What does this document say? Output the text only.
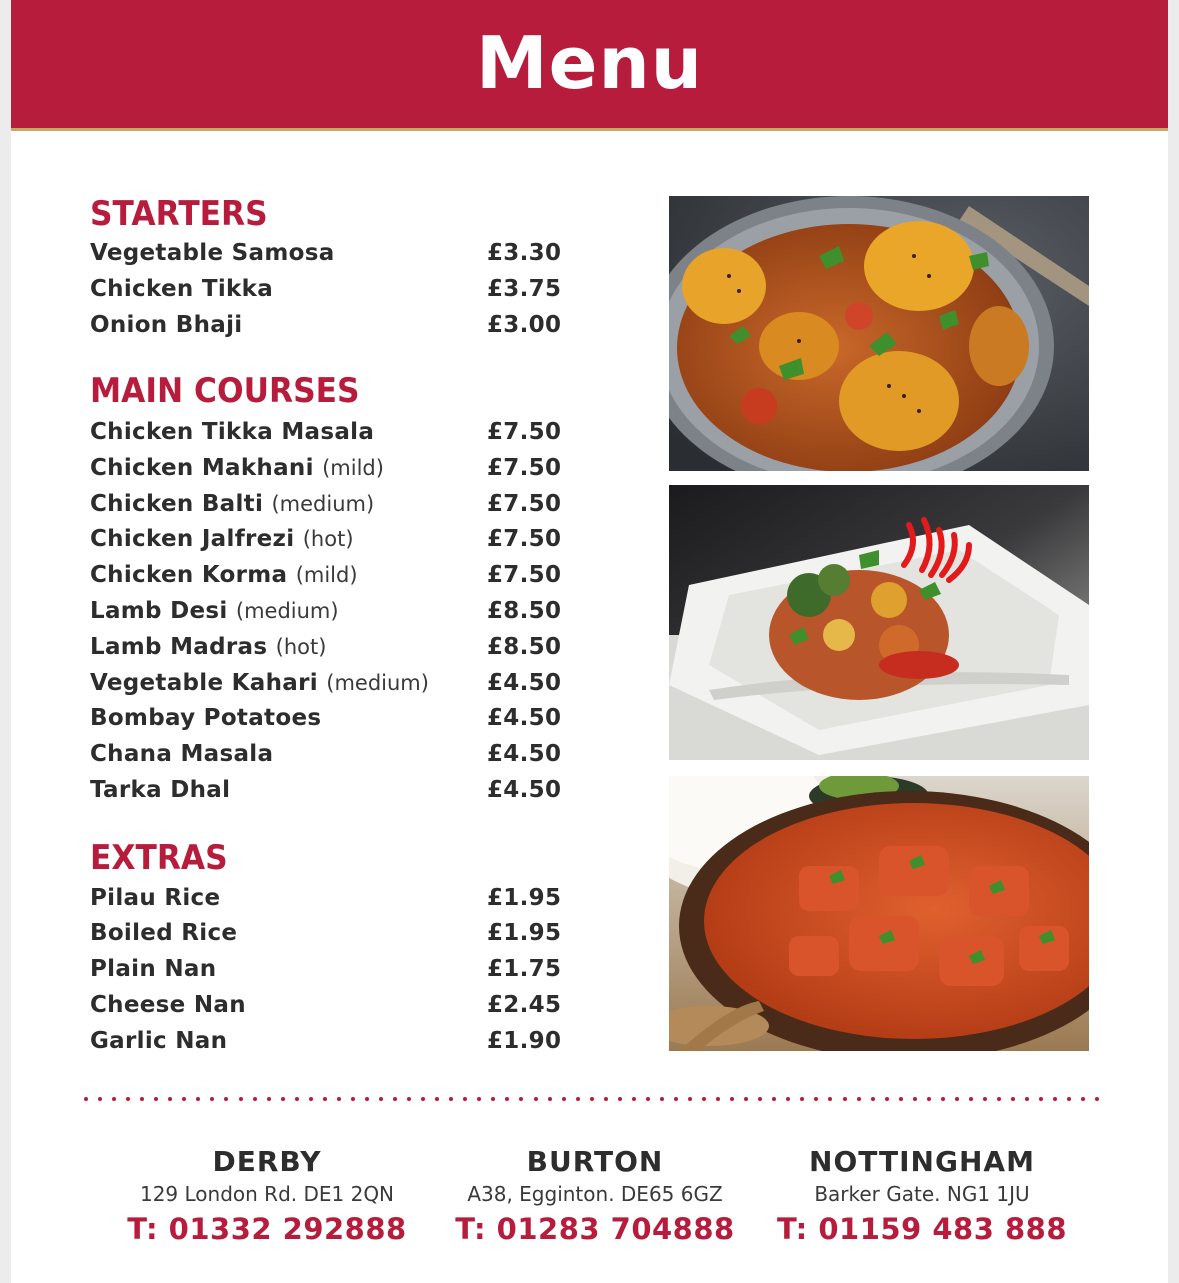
Menu
STARTERS
Vegetable Samosa	£3.30
Chicken Tikka	£3.75
Onion Bhaji	£3.00
MAIN COURSES
Chicken Tikka Masala	£7.50
Chicken Makhani (mild)	£7.50
Chicken Balti (medium)	£7.50
Chicken Jalfrezi (hot)	£7.50
Chicken Korma (mild)	£7.50
Lamb Desi (medium)	£8.50
Lamb Madras (hot)	£8.50
Vegetable Kahari (medium)	£4.50
Bombay Potatoes	£4.50
Chana Masala	£4.50
Tarka Dhal	£4.50
EXTRAS
Pilau Rice	£1.95
Boiled Rice	£1.95
Plain Nan	£1.75
Cheese Nan	£2.45
Garlic Nan	£1.90
DERBY
129 London Rd. DE1 2QN
T: 01332 292888
BURTON
A38, Egginton. DE65 6GZ
T: 01283 704888
NOTTINGHAM
Barker Gate. NG1 1JU
T: 01159 483 888
